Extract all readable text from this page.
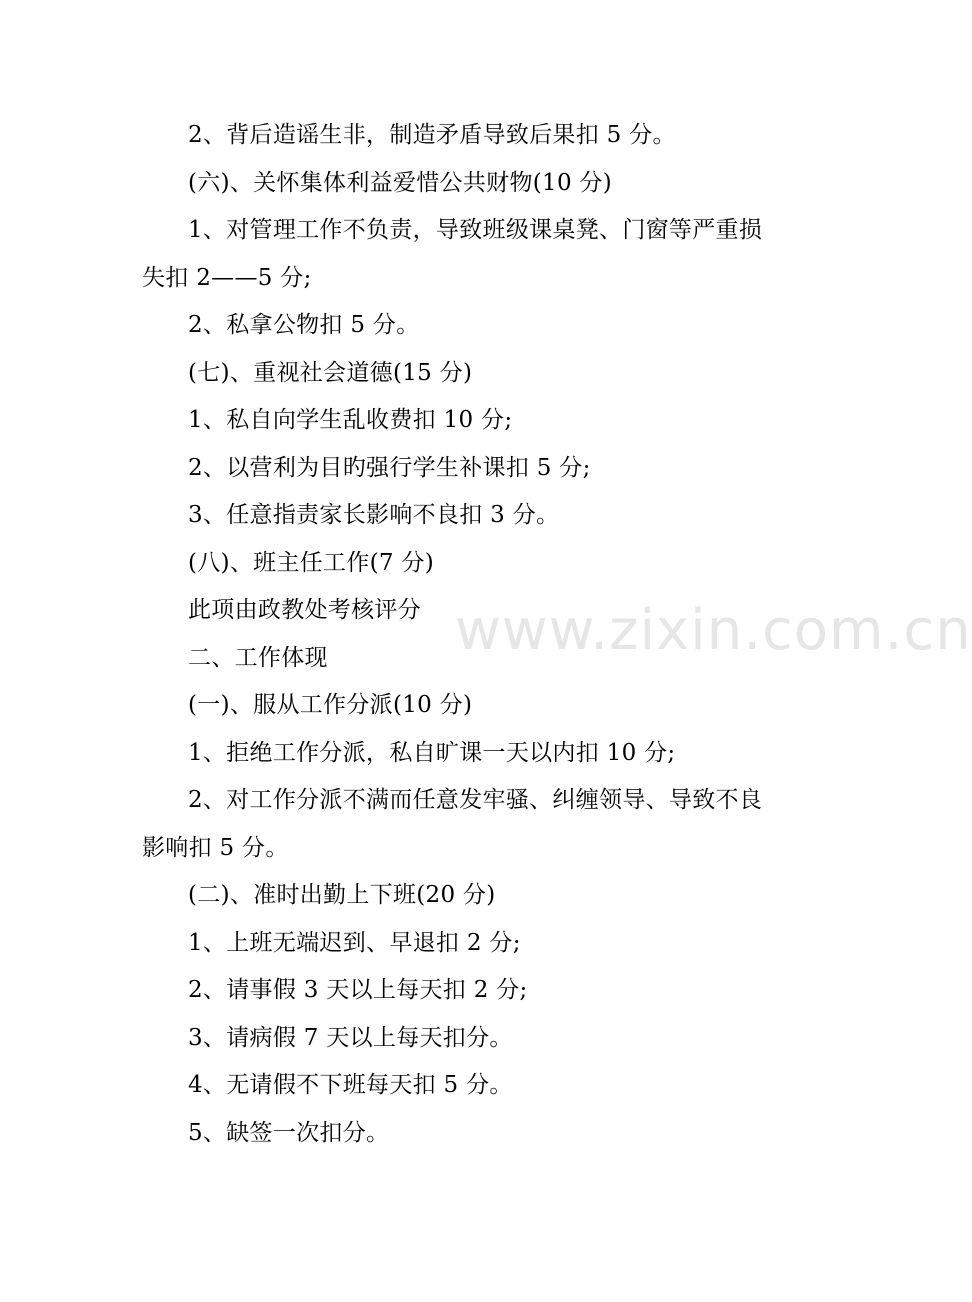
2、背后造谣生非，制造矛盾导致后果扣 5 分。

(六)、关怀集体利益爱惜公共财物(10 分)

1、对管理工作不负责，导致班级课桌凳、门窗等严重损失扣 2——5 分;

2、私拿公物扣 5 分。

(七)、重视社会道德(15 分)

1、私自向学生乱收费扣 10 分;

2、以营利为目旳强行学生补课扣 5 分;

3、任意指责家长影响不良扣 3 分。

(八)、班主任工作(7 分)

此项由政教处考核评分

二、工作体现

(一)、服从工作分派(10 分)

1、拒绝工作分派，私自旷课一天以内扣 10 分;

2、对工作分派不满而任意发牢骚、纠缠领导、导致不良影响扣 5 分。

(二)、准时出勤上下班(20 分)

1、上班无端迟到、早退扣 2 分;

2、请事假 3 天以上每天扣 2 分;

3、请病假 7 天以上每天扣分。

4、无请假不下班每天扣 5 分。

5、缺签一次扣分。

www.zixin.com.cn
